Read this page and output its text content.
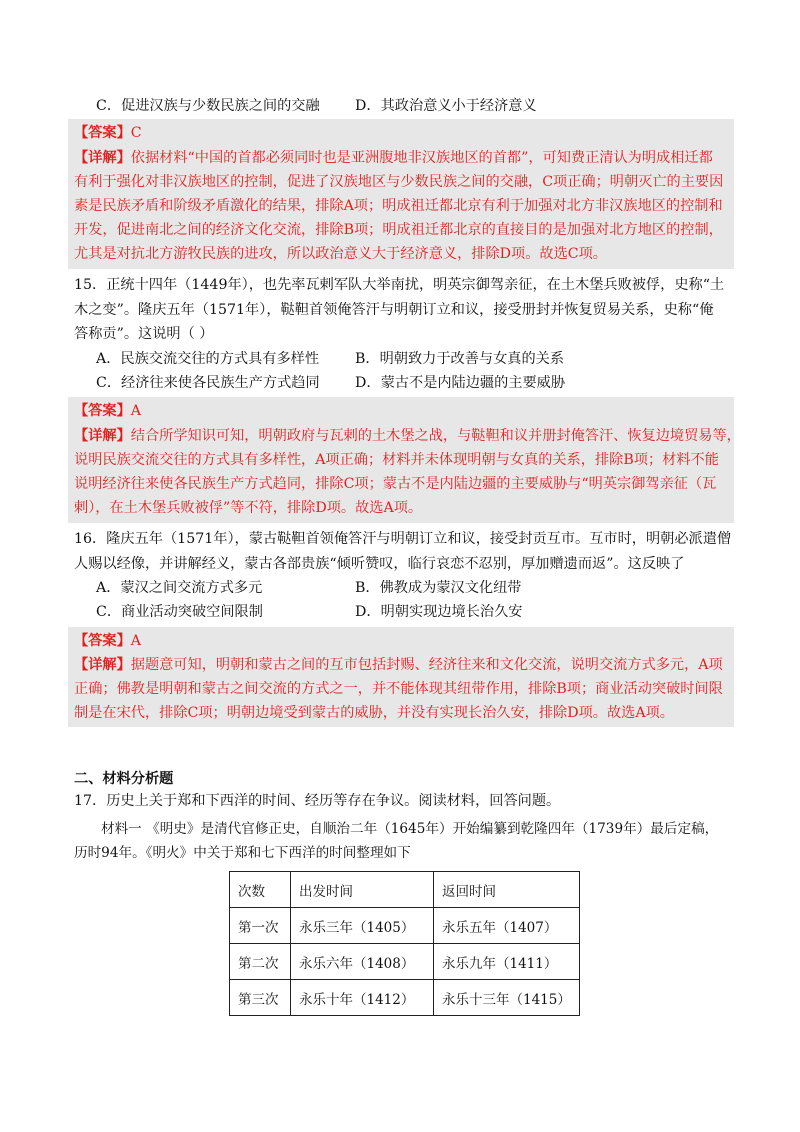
C．促进汉族与少数民族之间的交融 D．其政治意义小于经济意义
【答案】C
【详解】依据材料“中国的首都必须同时也是亚洲腹地非汉族地区的首都”，可知费正清认为明成相迁都
有利于强化对非汉族地区的控制，促进了汉族地区与少数民族之间的交融，C项正确；明朝灭亡的主要因
素是民族矛盾和阶级矛盾激化的结果，排除A项；明成祖迁都北京有利于加强对北方非汉族地区的控制和
开发，促进南北之间的经济文化交流，排除B项；明成祖迁都北京的直接目的是加强对北方地区的控制，
尤其是对抗北方游牧民族的进攻，所以政治意义大于经济意义，排除D项。故选C项。
15．正统十四年（1449年），也先率瓦剌军队大举南扰，明英宗御驾亲征，在土木堡兵败被俘，史称“土
木之变”。隆庆五年（1571年），鞑靼首领俺答汗与明朝订立和议，接受册封并恢复贸易关系，史称“俺
答称贡”。这说明（ ）
A．民族交流交往的方式具有多样性	B．明朝致力于改善与女真的关系
C．经济往来使各民族生产方式趋同 D．蒙古不是内陆边疆的主要威胁
【答案】A
【详解】结合所学知识可知，明朝政府与瓦剌的土木堡之战，与鞑靼和议并册封俺答汗、恢复边境贸易等，
说明民族交流交往的方式具有多样性，A项正确；材料并未体现明朝与女真的关系，排除B项；材料不能
说明经济往来使各民族生产方式趋同，排除C项；蒙古不是内陆边疆的主要威胁与“明英宗御驾亲征（瓦
剌），在土木堡兵败被俘”等不符，排除D项。故选A项。
16．隆庆五年（1571年），蒙古鞑靼首领俺答汗与明朝订立和议，接受封贡互市。互市时，明朝必派遣僧
人赐以经像，并讲解经义，蒙古各部贵族“倾听赞叹，临行哀恋不忍别，厚加赠遗而返”。这反映了
A．蒙汉之间交流方式多元	B．佛教成为蒙汉文化纽带
C．商业活动突破空间限制	D．明朝实现边境长治久安
【答案】A
【详解】据题意可知，明朝和蒙古之间的互市包括封赐、经济往来和文化交流，说明交流方式多元，A项
正确；佛教是明朝和蒙古之间交流的方式之一，并不能体现其纽带作用，排除B项；商业活动突破时间限
制是在宋代，排除C项；明朝边境受到蒙古的威胁，并没有实现长治久安，排除D项。故选A项。
二、材料分析题
17．历史上关于郑和下西洋的时间、经历等存在争议。阅读材料，回答问题。
材料一 《明史》是清代官修正史，自顺治二年（1645年）开始编纂到乾隆四年（1739年）最后定稿，
历时94年。《明火》中关于郑和七下西洋的时间整理如下
次数	出发时间	返回时间
第一次	永乐三年（1405）	永乐五年（1407）
第二次	永乐六年（1408）	永乐九年（1411）
第三次	永乐十年（1412）	永乐十三年（1415）
